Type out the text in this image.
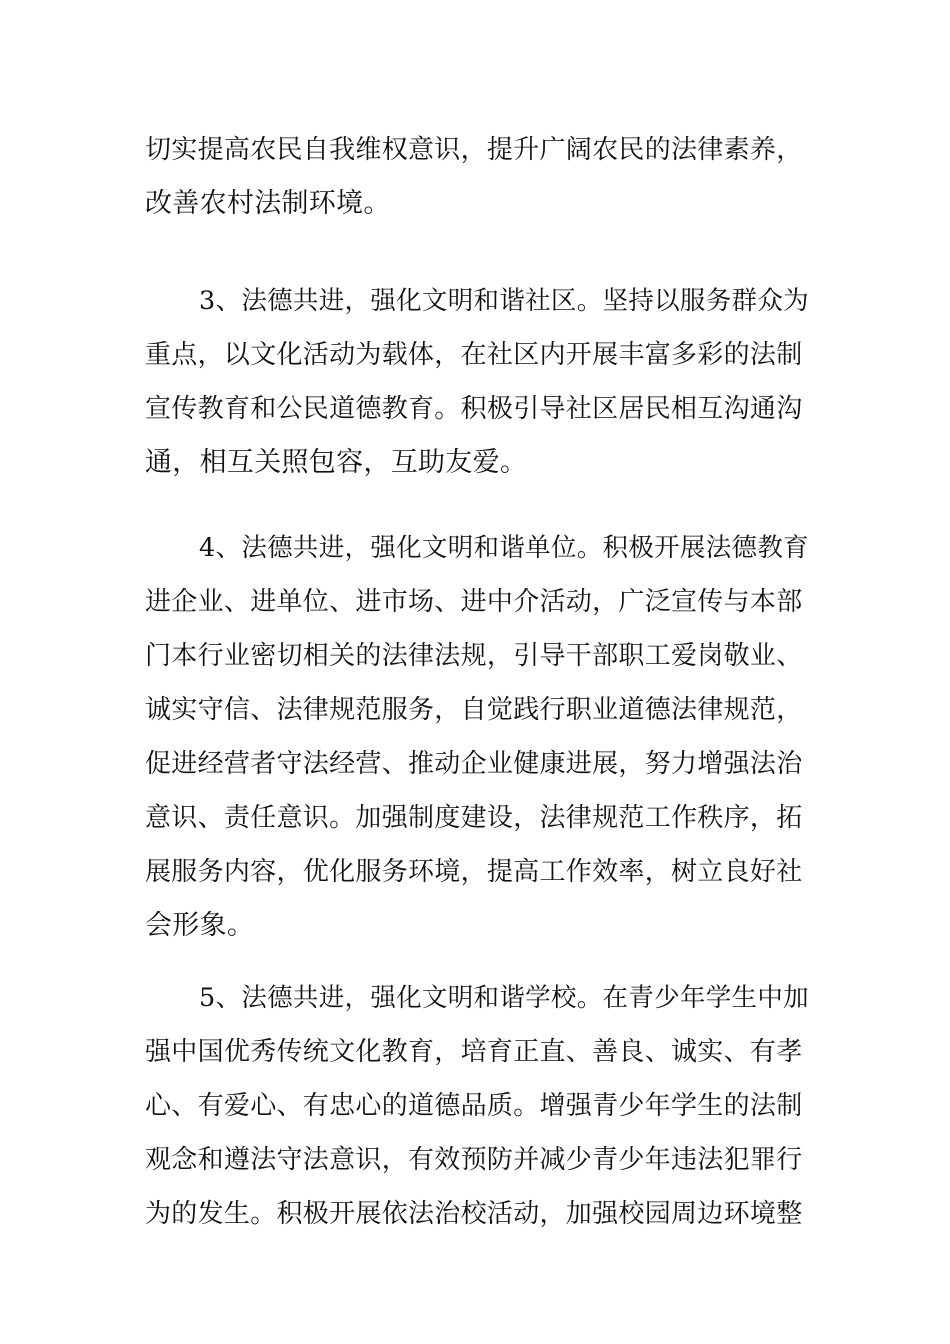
切实提高农民自我维权意识，提升广阔农民的法律素养，
改善农村法制环境。
3、法德共进，强化文明和谐社区。坚持以服务群众为
重点，以文化活动为载体，在社区内开展丰富多彩的法制
宣传教育和公民道德教育。积极引导社区居民相互沟通沟
通，相互关照包容，互助友爱。
4、法德共进，强化文明和谐单位。积极开展法德教育
进企业、进单位、进市场、进中介活动，广泛宣传与本部
门本行业密切相关的法律法规，引导干部职工爱岗敬业、
诚实守信、法律规范服务，自觉践行职业道德法律规范，
促进经营者守法经营、推动企业健康进展，努力增强法治
意识、责任意识。加强制度建设，法律规范工作秩序，拓
展服务内容，优化服务环境，提高工作效率，树立良好社
会形象。
5、法德共进，强化文明和谐学校。在青少年学生中加
强中国优秀传统文化教育，培育正直、善良、诚实、有孝
心、有爱心、有忠心的道德品质。增强青少年学生的法制
观念和遵法守法意识，有效预防并减少青少年违法犯罪行
为的发生。积极开展依法治校活动，加强校园周边环境整
